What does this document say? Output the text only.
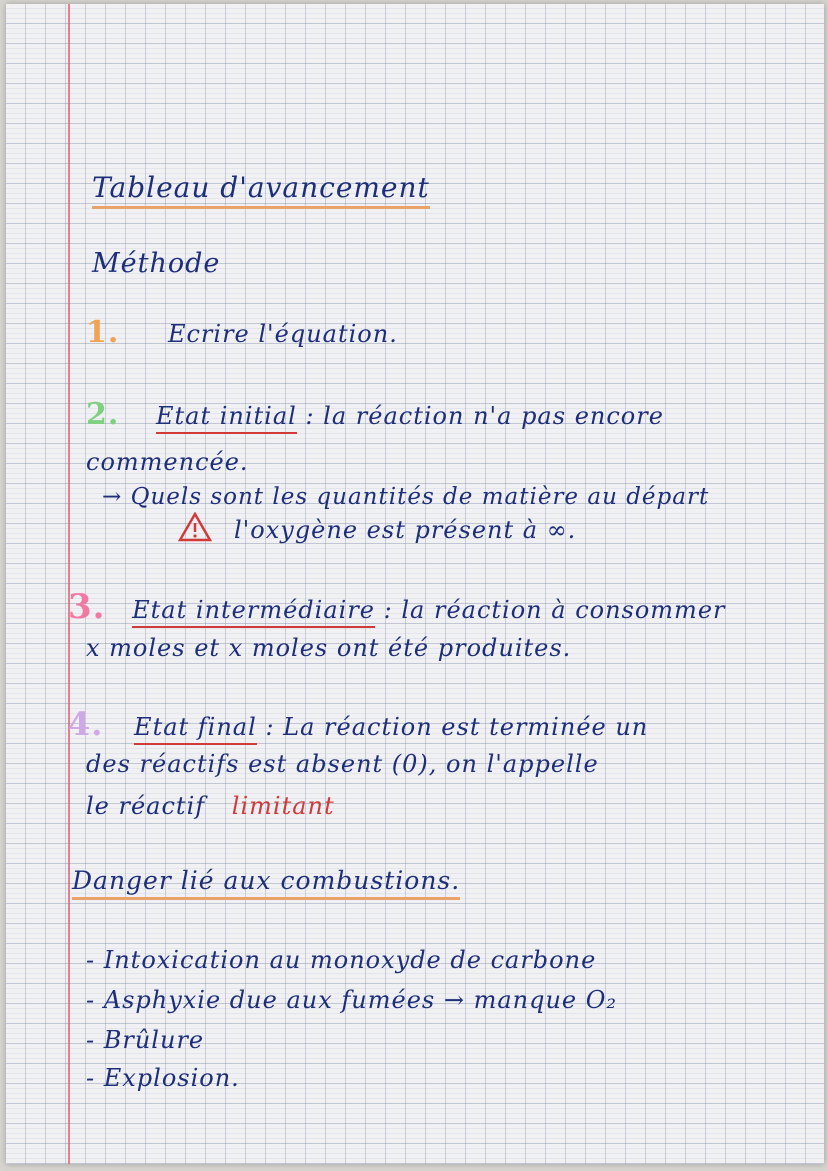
Tableau d'avancement
Méthode
1. Ecrire l'équation.
2. Etat initial : la réaction n'a pas encore
commencée.
→ Quels sont les quantités de matière au départ
l'oxygène est présent à ∞.
3. Etat intermédiaire : la réaction à consommer
x moles et x moles ont été produites.
4. Etat final : La réaction est terminée un
des réactifs est absent (0), on l'appelle
le réactif limitant
Danger lié aux combustions.
- Intoxication au monoxyde de carbone
- Asphyxie due aux fumées → manque O₂
- Brûlure
- Explosion.
